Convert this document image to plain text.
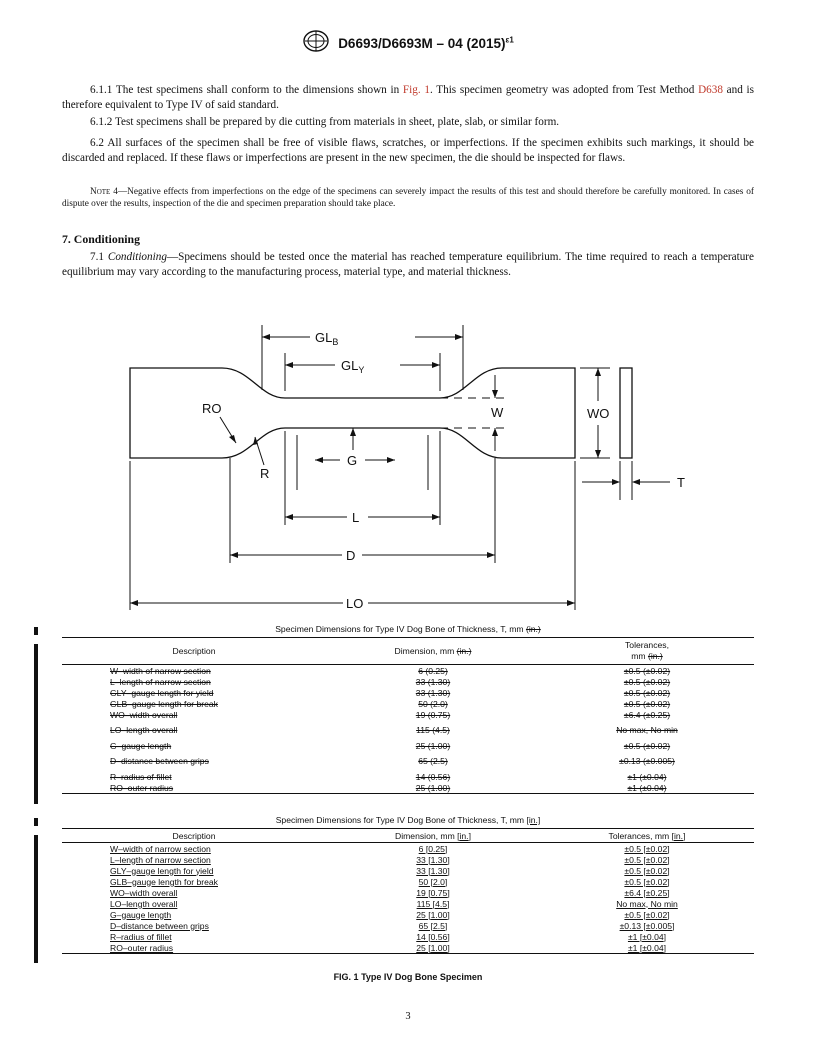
D6693/D6693M – 04 $(2015)^{\varepsilon 1}$
6.1.1 The test specimens shall conform to the dimensions shown in Fig. 1. This specimen geometry was adopted from Test Method D638 and is therefore equivalent to Type IV of said standard.
6.1.2 Test specimens shall be prepared by die cutting from materials in sheet, plate, slab, or similar form.
6.2 All surfaces of the specimen shall be free of visible flaws, scratches, or imperfections. If the specimen exhibits such markings, it should be discarded and replaced. If these flaws or imperfections are present in the new specimen, the die should be inspected for flaws.
Note 4—Negative effects from imperfections on the edge of the specimens can severely impact the results of this test and should therefore be carefully monitored. In cases of dispute over the results, inspection of the die and specimen preparation should take place.
7. Conditioning
7.1 Conditioning—Specimens should be tested once the material has reached temperature equilibrium. The time required to reach a temperature equilibrium may vary according to the manufacturing process, material type, and material thickness.
$GL_B$
$GL_Y$
RO
R
W	WO
T
G
L
D
LO
Specimen Dimensions for Type IV Dog Bone of Thickness, T, mm (in.)
Description	Dimension, mm (in.)	Tolerances,
mm (in.)
W–width of narrow section	6 (0.25)	±0.5 (±0.02)
L–length of narrow section	33 (1.30)	±0.5 (±0.02)
GLY–gauge length for yield	33 (1.30)	±0.5 (±0.02)
GLB–gauge length for break	50 (2.0)	±0.5 (±0.02)
WO–width overall	19 (0.75)	±6.4 (±0.25)
LO–length overall	115 (4.5)	No max, No min
G–gauge length	25 (1.00)	±0.5 (±0.02)
D–distance between grips	65 (2.5)	±0.13 (±0.005)
R–radius of fillet	14 (0.56)	±1 (±0.04)
RO–outer radius	25 (1.00)	±1 (±0.04)
Specimen Dimensions for Type IV Dog Bone of Thickness, T, mm [in.]
Description	Dimension, mm [in.]	Tolerances, mm [in.]
W–width of narrow section	6 [0.25]	±0.5 [±0.02]
L–length of narrow section	33 [1.30]	±0.5 [±0.02]
GLY–gauge length for yield	33 [1.30]	±0.5 [±0.02]
GLB–gauge length for break	50 [2.0]	±0.5 [±0.02]
WO–width overall	19 [0.75]	±6.4 [±0.25]
LO–length overall	115 [4.5]	No max, No min
G–gauge length	25 [1.00]	±0.5 [±0.02]
D–distance between grips	65 [2.5]	±0.13 [±0.005]
R–radius of fillet	14 [0.56]	±1 [±0.04]
RO–outer radius	25 [1.00]	±1 [±0.04]
FIG. 1 Type IV Dog Bone Specimen
3
